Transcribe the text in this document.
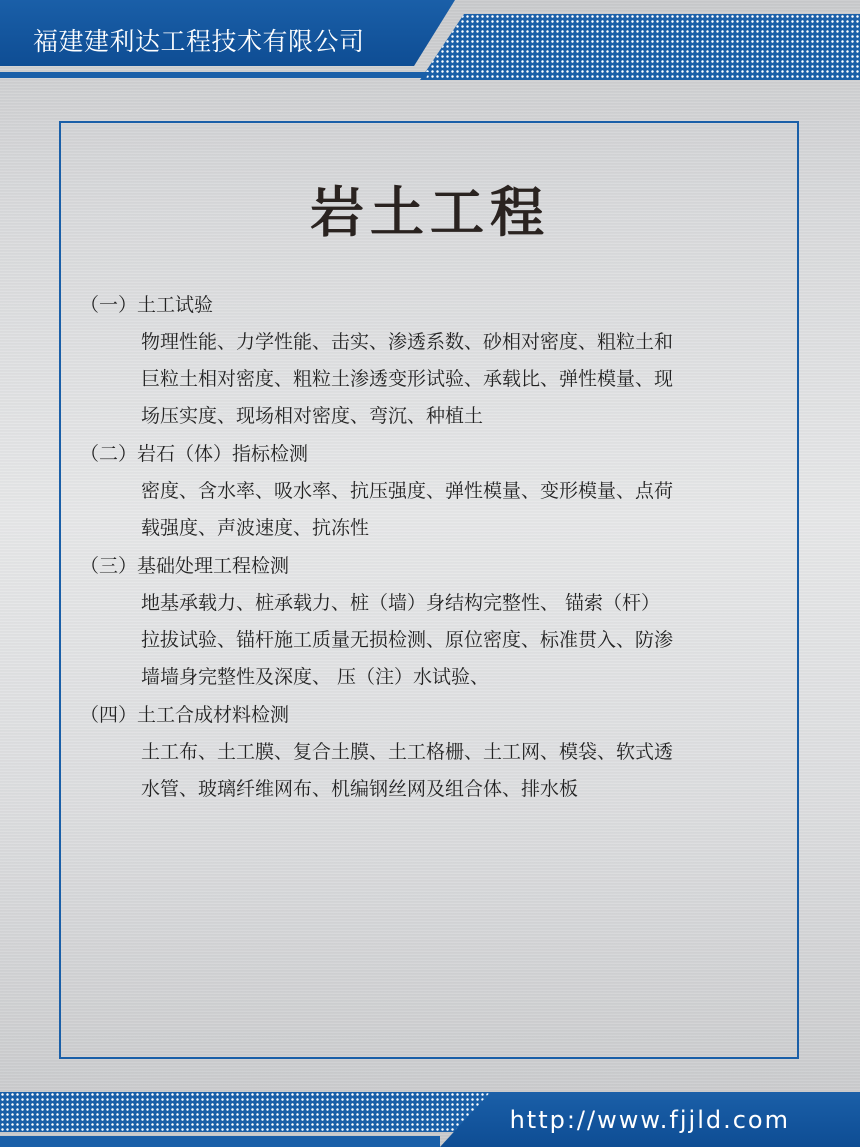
福建建利达工程技术有限公司
岩土工程
（一）土工试验
物理性能、力学性能、击实、渗透系数、砂相对密度、粗粒土和
巨粒土相对密度、粗粒土渗透变形试验、承载比、弹性模量、现
场压实度、现场相对密度、弯沉、种植土
（二）岩石（体）指标检测
密度、含水率、吸水率、抗压强度、弹性模量、变形模量、点荷
载强度、声波速度、抗冻性
（三）基础处理工程检测
地基承载力、桩承载力、桩（墙）身结构完整性、 锚索（杆）
拉拔试验、锚杆施工质量无损检测、原位密度、标准贯入、防渗
墙墙身完整性及深度、 压（注）水试验、
（四）土工合成材料检测
土工布、土工膜、复合土膜、土工格栅、土工网、模袋、软式透
水管、玻璃纤维网布、机编钢丝网及组合体、排水板
http://www.fjjld.com
